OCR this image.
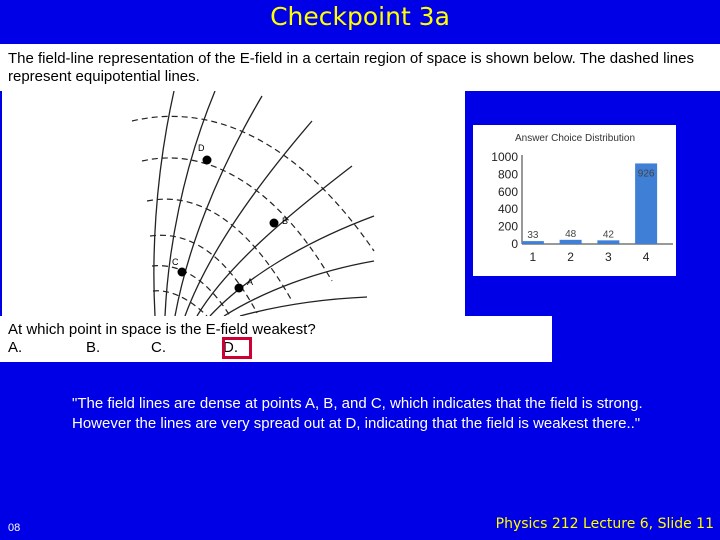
Checkpoint 3a
The field-line representation of the E-field in a certain region of space is shown below. The dashed lines represent equipotential lines.
D
B
C
A
Answer Choice Distribution
0
200
400
600
800
1000
33
1
48
2
42
3
926
4
At which point in space is the E-field weakest?
A.	B.	C.	D.
"The field lines are dense at points A, B, and C, which indicates that the field is strong. However the lines are very spread out at D, indicating that the field is weakest there.."
08	Physics 212 Lecture 6, Slide 11
